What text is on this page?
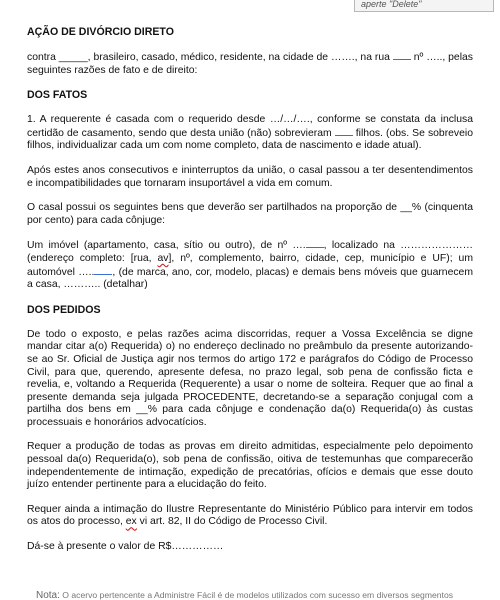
aperte "Delete"
AÇÃO DE DIVÓRCIO DIRETO

contra _____, brasileiro, casado, médico, residente, na cidade de ……., na rua  nº ….., pelas seguintes razões de fato e de direito:

DOS FATOS

1. A requerente é casada com o requerido desde …/…/…., conforme se constata da inclusa certidão de casamento, sendo que desta união (não) sobrevieram  filhos. (obs. Se sobreveio filhos, individualizar cada um com nome completo, data de nascimento e idade atual).

Após estes anos consecutivos e ininterruptos da união, o casal passou a ter desentendimentos e incompatibilidades que tornaram insuportável a vida em comum.

O casal possui os seguintes bens que deverão ser partilhados na proporção de __% (cinquenta por cento) para cada cônjuge:

Um imóvel (apartamento, casa, sítio ou outro), de nº …. , localizado na ………………… (endereço completo: [rua, av], nº, complemento, bairro, cidade, cep, município e UF); um automóvel ….. , (de marca, ano, cor, modelo, placas) e demais bens móveis que guarnecem a casa, ……….. (detalhar)

DOS PEDIDOS

De todo o exposto, e pelas razões acima discorridas, requer a Vossa Excelência se digne mandar citar a(o) Requerida) o) no endereço declinado no preâmbulo da presente autorizando-se ao Sr. Oficial de Justiça agir nos termos do artigo 172 e parágrafos do Código de Processo Civil, para que, querendo, apresente defesa, no prazo legal, sob pena de confissão ficta e revelia, e, voltando a Requerida (Requerente) a usar o nome de solteira. Requer que ao final a presente demanda seja julgada PROCEDENTE, decretando-se a separação conjugal com a partilha dos bens em __% para cada cônjuge e condenação da(o) Requerida(o) às custas processuais e honorários advocatícios.

Requer a produção de todas as provas em direito admitidas, especialmente pelo depoimento pessoal da(o) Requerida(o), sob pena de confissão, oitiva de testemunhas que comparecerão independentemente de intimação, expedição de precatórias, ofícios e demais que esse douto juízo entender pertinente para a elucidação do feito.

Requer ainda a intimação do Ilustre Representante do Ministério Público para intervir em todos os atos do processo, ex vi art. 82, II do Código de Processo Civil.

Dá-se à presente o valor de R$……………

Nota: O acervo pertencente a Administre Fácil é de modelos utilizados com sucesso em diversos segmentos
